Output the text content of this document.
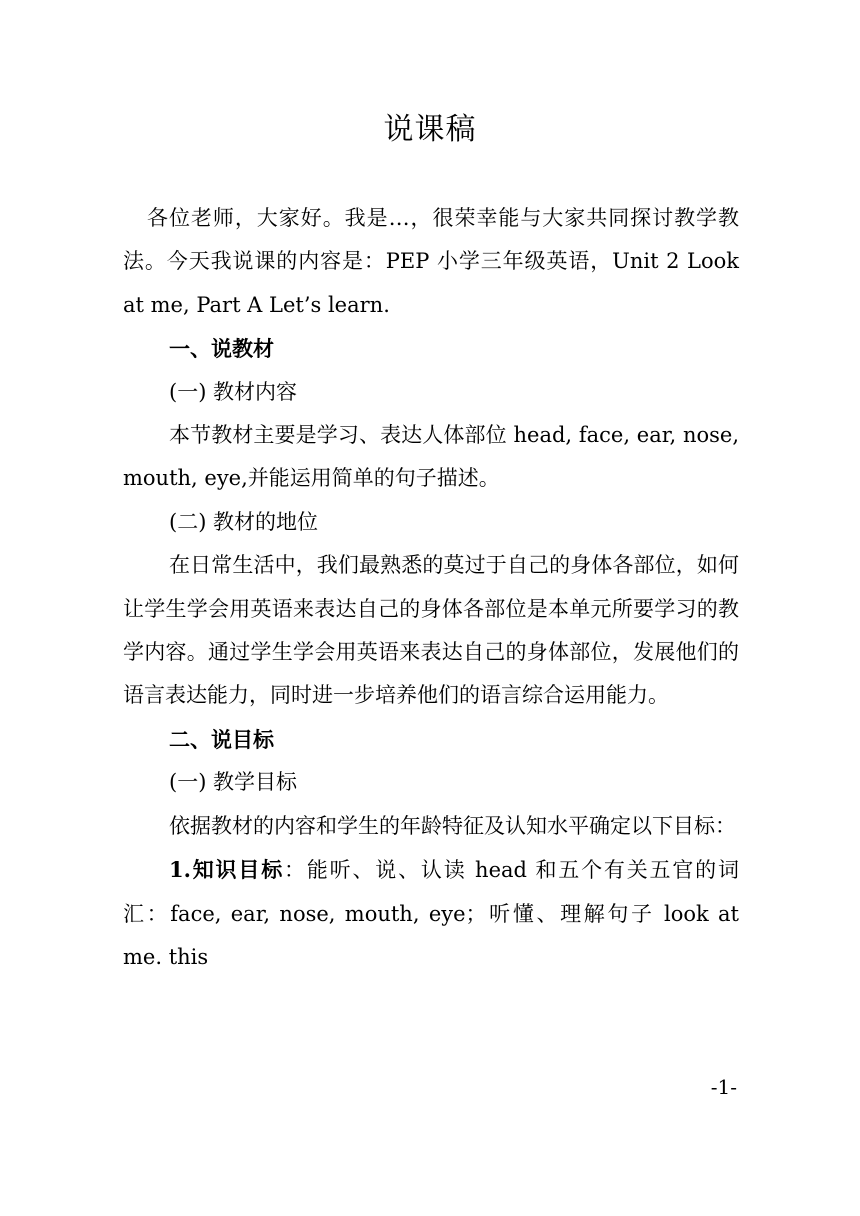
说课稿

各位老师，大家好。我是…，很荣幸能与大家共同探讨教学教法。今天我说课的内容是：PEP 小学三年级英语，Unit 2 Look at me, Part A Let’s learn.

一、说教材

(一) 教材内容

本节教材主要是学习、表达人体部位 head, face, ear, nose, mouth, eye,并能运用简单的句子描述。

(二) 教材的地位

在日常生活中，我们最熟悉的莫过于自己的身体各部位，如何让学生学会用英语来表达自己的身体各部位是本单元所要学习的教学内容。通过学生学会用英语来表达自己的身体部位，发展他们的语言表达能力，同时进一步培养他们的语言综合运用能力。

二、说目标

(一) 教学目标

依据教材的内容和学生的年龄特征及认知水平确定以下目标：

1.知识目标：能听、说、认读 head 和五个有关五官的词汇：face, ear, nose, mouth, eye；听懂、理解句子 look at me. this

-1-
